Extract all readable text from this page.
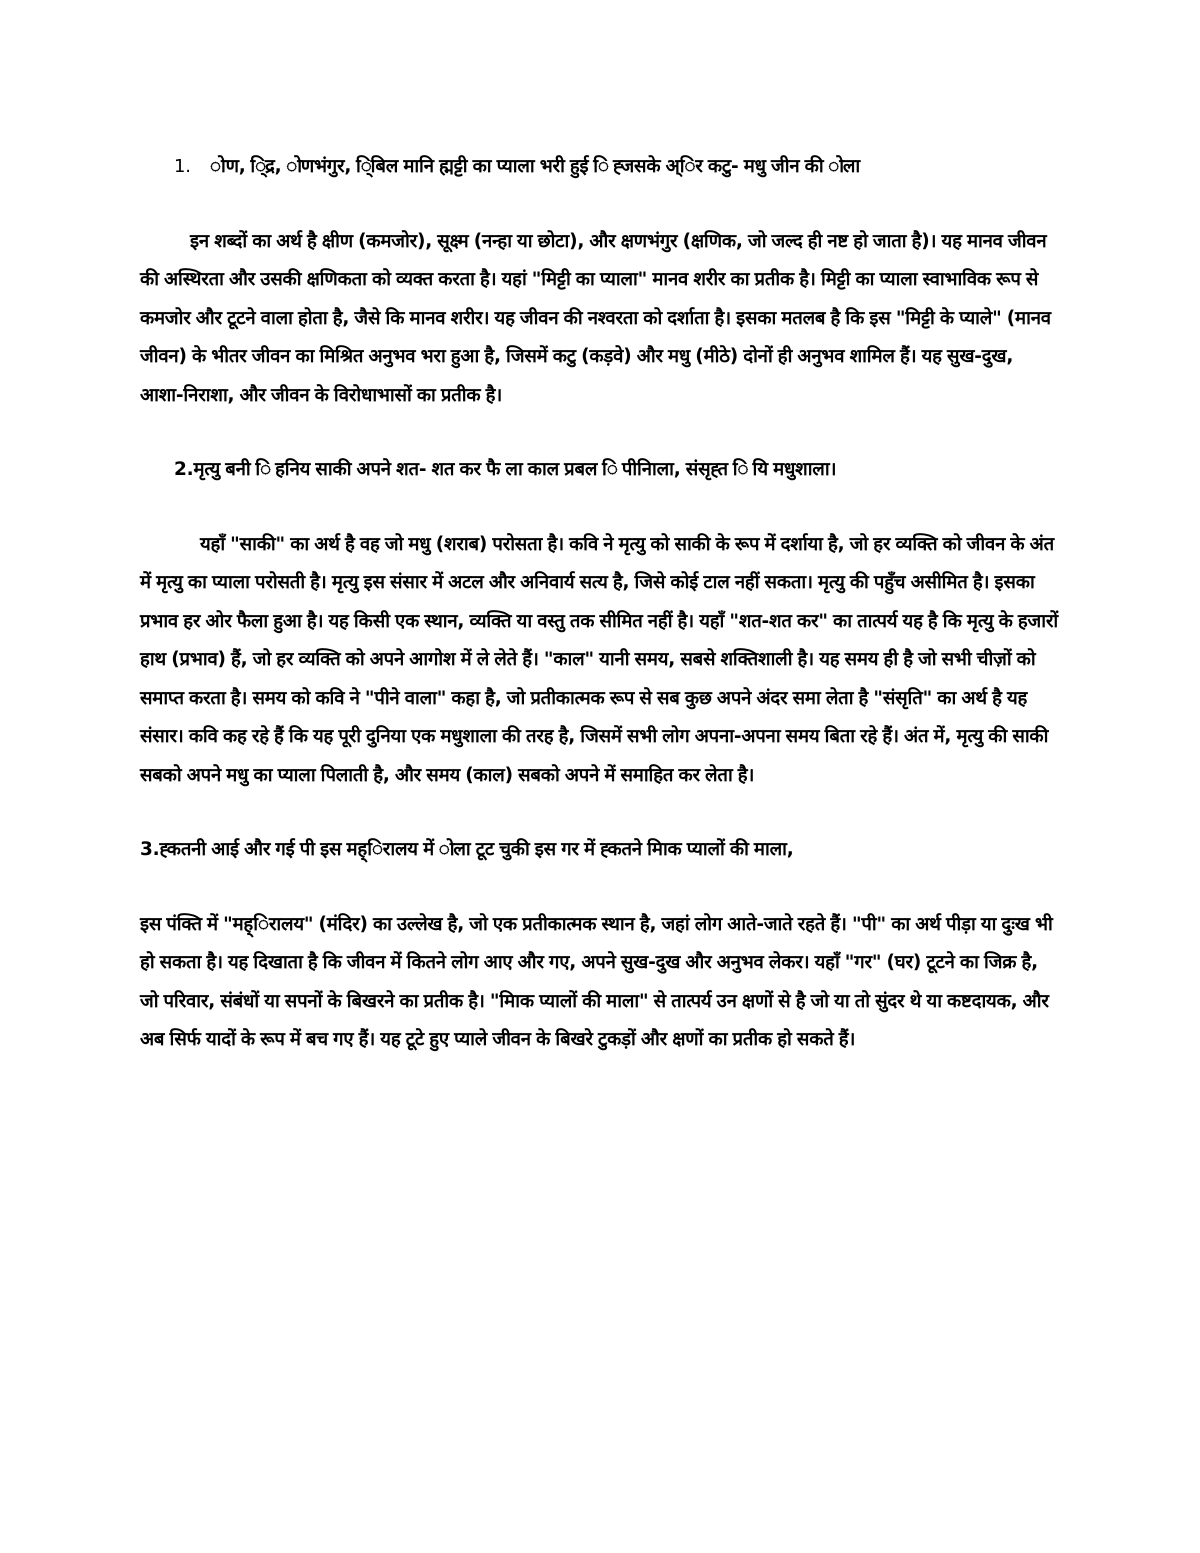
1.	ोण, ि्द्र, ोणभंगुर, ि्बिल मानि ह्मट्टी का प्याला भरी हुई ि ह्जसके अ्िर कटु- मधु जीन की ोला

इन शब्दों का अर्थ है क्षीण (कमजोर), सूक्ष्म (नन्हा या छोटा), और क्षणभंगुर (क्षणिक, जो जल्द ही नष्ट हो जाता है)। यह मानव जीवन की अस्थिरता और उसकी क्षणिकता को व्यक्त करता है। यहां "मिट्टी का प्याला" मानव शरीर का प्रतीक है। मिट्टी का प्याला स्वाभाविक रूप से कमजोर और टूटने वाला होता है, जैसे कि मानव शरीर। यह जीवन की नश्वरता को दर्शाता है। इसका मतलब है कि इस "मिट्टी के प्याले" (मानव जीवन) के भीतर जीवन का मिश्रित अनुभव भरा हुआ है, जिसमें कटु (कड़वे) और मधु (मीठे) दोनों ही अनुभव शामिल हैं। यह सुख-दुख, आशा-निराशा, और जीवन के विरोधाभासों का प्रतीक है।

2.मृत्यु बनी ि हनिय साकी अपने शत- शत कर फै ला काल प्रबल ि पीनिाला, संसृह्त ि यि मधुशाला।

यहाँ "साकी" का अर्थ है वह जो मधु (शराब) परोसता है। कवि ने मृत्यु को साकी के रूप में दर्शाया है, जो हर व्यक्ति को जीवन के अंत में मृत्यु का प्याला परोसती है। मृत्यु इस संसार में अटल और अनिवार्य सत्य है, जिसे कोई टाल नहीं सकता। मृत्यु की पहुँच असीमित है। इसका प्रभाव हर ओर फैला हुआ है। यह किसी एक स्थान, व्यक्ति या वस्तु तक सीमित नहीं है। यहाँ "शत-शत कर" का तात्पर्य यह है कि मृत्यु के हजारों हाथ (प्रभाव) हैं, जो हर व्यक्ति को अपने आगोश में ले लेते हैं। "काल" यानी समय, सबसे शक्तिशाली है। यह समय ही है जो सभी चीज़ों को समाप्त करता है। समय को कवि ने "पीने वाला" कहा है, जो प्रतीकात्मक रूप से सब कुछ अपने अंदर समा लेता है "संसृति" का अर्थ है यह संसार। कवि कह रहे हैं कि यह पूरी दुनिया एक मधुशाला की तरह है, जिसमें सभी लोग अपना-अपना समय बिता रहे हैं। अंत में, मृत्यु की साकी सबको अपने मधु का प्याला पिलाती है, और समय (काल) सबको अपने में समाहित कर लेता है।

3.ह्कतनी आई और गई पी इस मह्िरालय में ोला टूट चुकी इस गर में ह्कतने मिाक प्यालों की माला,

इस पंक्ति में "मह्िरालय" (मंदिर) का उल्लेख है, जो एक प्रतीकात्मक स्थान है, जहां लोग आते-जाते रहते हैं। "पी" का अर्थ पीड़ा या दुःख भी हो सकता है। यह दिखाता है कि जीवन में कितने लोग आए और गए, अपने सुख-दुख और अनुभव लेकर। यहाँ "गर" (घर) टूटने का जिक्र है, जो परिवार, संबंधों या सपनों के बिखरने का प्रतीक है। "मिाक प्यालों की माला" से तात्पर्य उन क्षणों से है जो या तो सुंदर थे या कष्टदायक, और अब सिर्फ यादों के रूप में बच गए हैं। यह टूटे हुए प्याले जीवन के बिखरे टुकड़ों और क्षणों का प्रतीक हो सकते हैं।
